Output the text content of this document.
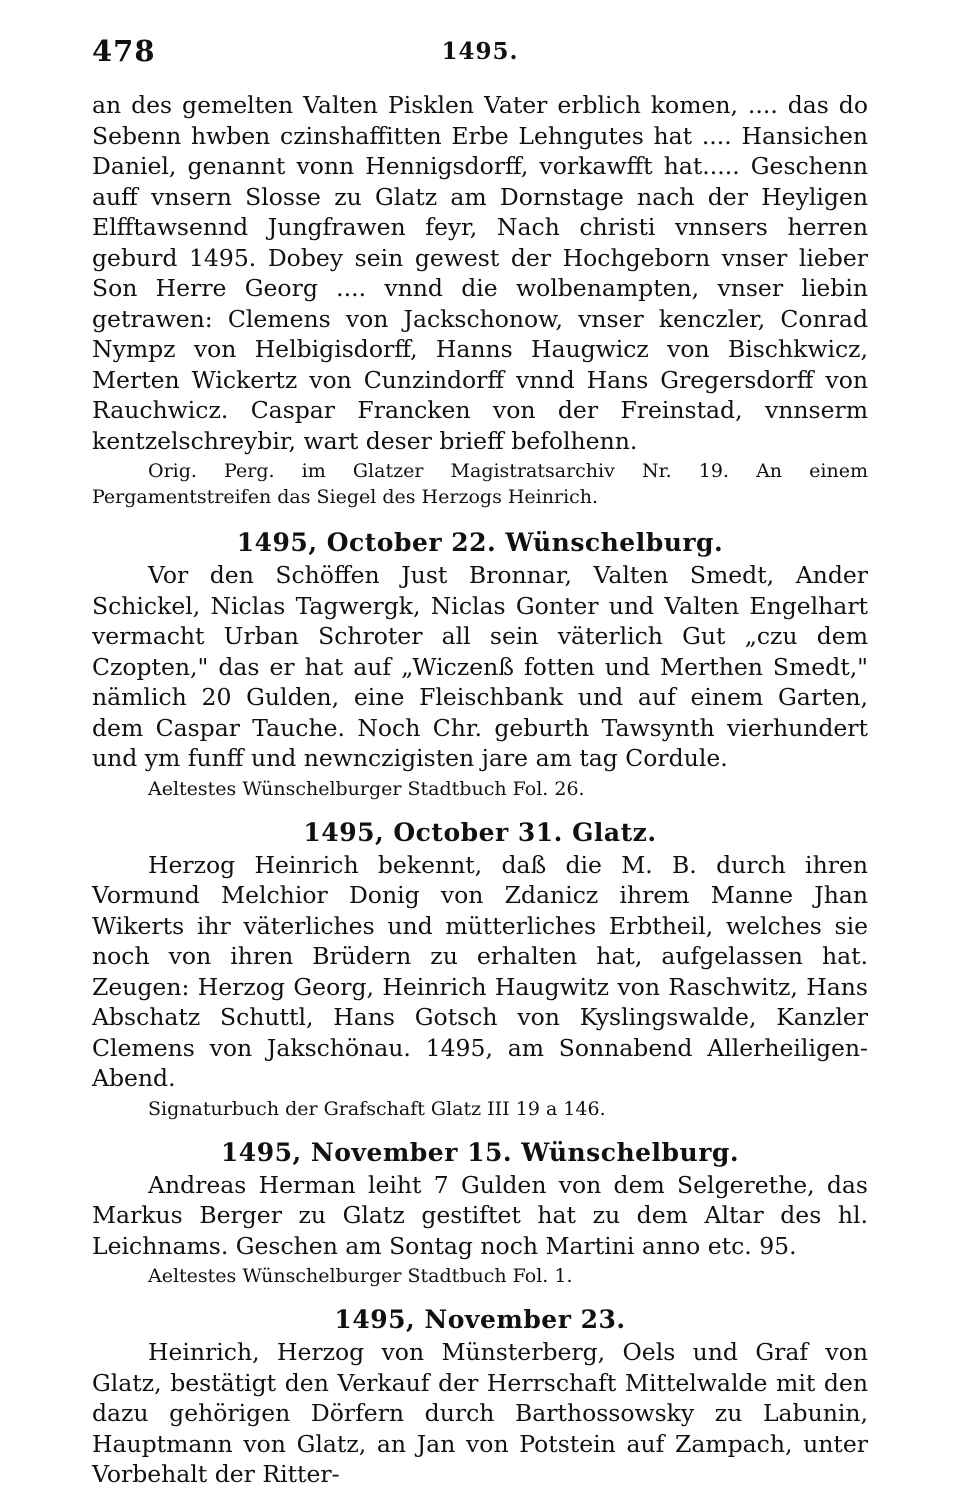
478	1495.

an des gemelten Valten Pisklen Vater erblich komen, .... das do Sebenn hwben czinshaffitten Erbe Lehngutes hat .... Hansichen Daniel, genannt vonn Hennigsdorff, vorkawfft hat..... Geschenn auff vnsern Slosse zu Glatz am Dornstage nach der Heyligen Elfftawsennd Jungfrawen feyr, Nach christi vnnsers herren geburd 1495. Dobey sein gewest der Hochgeborn vnser lieber Son Herre Georg .... vnnd die wolbenampten, vnser liebin getrawen: Clemens von Jackschonow, vnser kenczler, Conrad Nympz von Helbigisdorff, Hanns Haugwicz von Bischkwicz, Merten Wickertz von Cunzindorff vnnd Hans Gregersdorff von Rauchwicz. Caspar Francken von der Freinstad, vnnserm kentzelschreybir, wart deser brieff befolhenn.

Orig. Perg. im Glatzer Magistratsarchiv Nr. 19. An einem Pergamentstreifen das Siegel des Herzogs Heinrich.

1495, October 22. Wünschelburg.

Vor den Schöffen Just Bronnar, Valten Smedt, Ander Schickel, Niclas Tagwergk, Niclas Gonter und Valten Engelhart vermacht Urban Schroter all sein väterlich Gut „czu dem Czopten," das er hat auf „Wiczenß fotten und Merthen Smedt," nämlich 20 Gulden, eine Fleischbank und auf einem Garten, dem Caspar Tauche. Noch Chr. geburth Tawsynth vierhundert und ym funff und newnczigisten jare am tag Cordule.

Aeltestes Wünschelburger Stadtbuch Fol. 26.

1495, October 31. Glatz.

Herzog Heinrich bekennt, daß die M. B. durch ihren Vormund Melchior Donig von Zdanicz ihrem Manne Jhan Wikerts ihr väterliches und mütterliches Erbtheil, welches sie noch von ihren Brüdern zu erhalten hat, aufgelassen hat. Zeugen: Herzog Georg, Heinrich Haugwitz von Raschwitz, Hans Abschatz Schuttl, Hans Gotsch von Kyslingswalde, Kanzler Clemens von Jakschönau. 1495, am Sonnabend Allerheiligen-Abend.

Signaturbuch der Grafschaft Glatz III 19 a 146.

1495, November 15. Wünschelburg.

Andreas Herman leiht 7 Gulden von dem Selgerethe, das Markus Berger zu Glatz gestiftet hat zu dem Altar des hl. Leichnams. Geschen am Sontag noch Martini anno etc. 95.

Aeltestes Wünschelburger Stadtbuch Fol. 1.

1495, November 23.

Heinrich, Herzog von Münsterberg, Oels und Graf von Glatz, bestätigt den Verkauf der Herrschaft Mittelwalde mit den dazu gehörigen Dörfern durch Barthossowsky zu Labunin, Hauptmann von Glatz, an Jan von Potstein auf Zampach, unter Vorbehalt der Ritter-
